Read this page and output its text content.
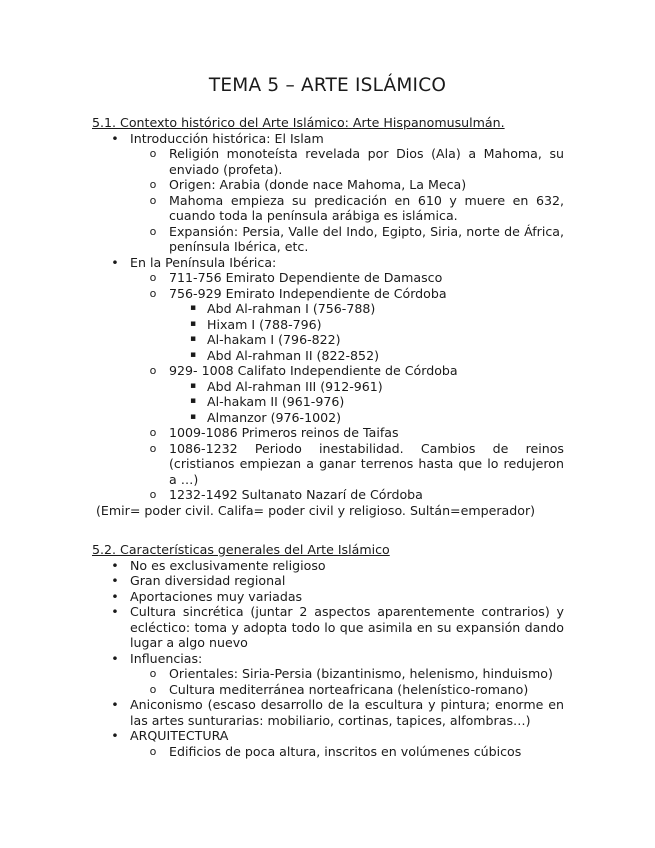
TEMA 5 – ARTE ISLÁMICO

5.1. Contexto histórico del Arte Islámico: Arte Hispanomusulmán.

• Introducción histórica: El Islam
o Religión monoteísta revelada por Dios (Ala) a Mahoma, su enviado (profeta).
o Origen: Arabia (donde nace Mahoma, La Meca)
o Mahoma empieza su predicación en 610 y muere en 632, cuando toda la península arábiga es islámica.
o Expansión: Persia, Valle del Indo, Egipto, Siria, norte de África, península Ibérica, etc.
• En la Península Ibérica:
o 711-756 Emirato Dependiente de Damasco
o 756-929 Emirato Independiente de Córdoba
▪ Abd Al-rahman I (756-788)
▪ Hixam I (788-796)
▪ Al-hakam I (796-822)
▪ Abd Al-rahman II (822-852)
o 929- 1008 Califato Independiente de Córdoba
▪ Abd Al-rahman III (912-961)
▪ Al-hakam II (961-976)
▪ Almanzor (976-1002)
o 1009-1086 Primeros reinos de Taifas
o 1086-1232 Periodo inestabilidad. Cambios de reinos (cristianos empiezan a ganar terrenos hasta que lo redujeron a …)
o 1232-1492 Sultanato Nazarí de Córdoba

(Emir= poder civil. Califa= poder civil y religioso. Sultán=emperador)

5.2. Características generales del Arte Islámico

• No es exclusivamente religioso
• Gran diversidad regional
• Aportaciones muy variadas
• Cultura sincrética (juntar 2 aspectos aparentemente contrarios) y ecléctico: toma y adopta todo lo que asimila en su expansión dando lugar a algo nuevo
• Influencias:
o Orientales: Siria-Persia (bizantinismo, helenismo, hinduismo)
o Cultura mediterránea norteafricana (helenístico-romano)
• Aniconismo (escaso desarrollo de la escultura y pintura; enorme en las artes sunturarias: mobiliario, cortinas, tapices, alfombras…)
• ARQUITECTURA
o Edificios de poca altura, inscritos en volúmenes cúbicos
